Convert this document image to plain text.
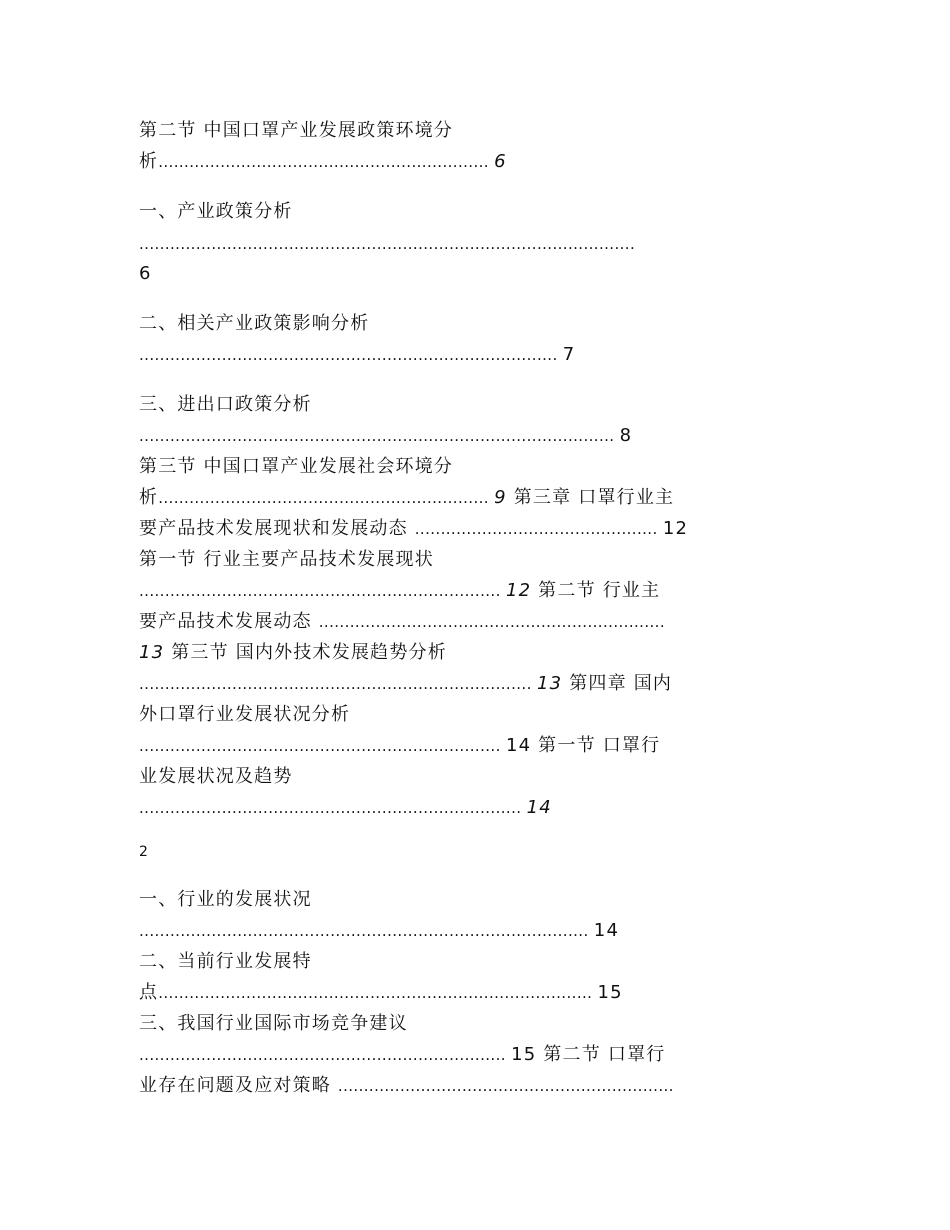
第二节 中国口罩产业发展政策环境分
析................................................................ 6
一、产业政策分析
................................................................................................
6
二、相关产业政策影响分析
................................................................................. 7
三、进出口政策分析
............................................................................................ 8
第三节 中国口罩产业发展社会环境分
析................................................................ 9 第三章 口罩行业主
要产品技术发展现状和发展动态 ............................................... 12
第一节 行业主要产品技术发展现状
...................................................................... 12 第二节 行业主
要产品技术发展动态 ...................................................................
13 第三节 国内外技术发展趋势分析
............................................................................ 13 第四章 国内
外口罩行业发展状况分析
...................................................................... 14 第一节 口罩行
业发展状况及趋势
.......................................................................... 14
2
一、行业的发展状况
....................................................................................... 14
二、当前行业发展特
点.................................................................................... 15
三、我国行业国际市场竞争建议
....................................................................... 15 第二节 口罩行
业存在问题及应对策略 .................................................................
